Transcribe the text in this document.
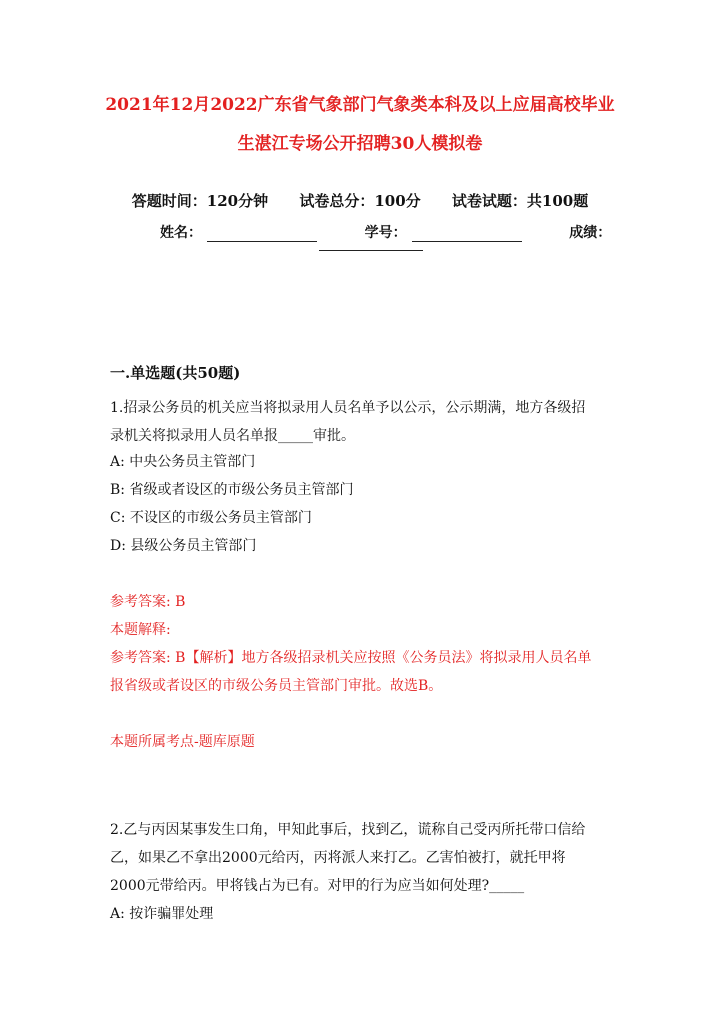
2021年12月2022广东省气象部门气象类本科及以上应届高校毕业
生湛江专场公开招聘30人模拟卷
答题时间：120分钟 试卷总分：100分 试卷试题：共100题
姓名：	学号：	成绩：
一.单选题(共50题)
1.招录公务员的机关应当将拟录用人员名单予以公示，公示期满，地方各级招
录机关将拟录用人员名单报_____审批。
A: 中央公务员主管部门
B: 省级或者设区的市级公务员主管部门
C: 不设区的市级公务员主管部门
D: 县级公务员主管部门
参考答案: B
本题解释:
参考答案: B【解析】地方各级招录机关应按照《公务员法》将拟录用人员名单
报省级或者设区的市级公务员主管部门审批。故选B。
本题所属考点-题库原题
2.乙与丙因某事发生口角，甲知此事后，找到乙，谎称自己受丙所托带口信给
乙，如果乙不拿出2000元给丙，丙将派人来打乙。乙害怕被打，就托甲将
2000元带给丙。甲将钱占为已有。对甲的行为应当如何处理?_____
A: 按诈骗罪处理
